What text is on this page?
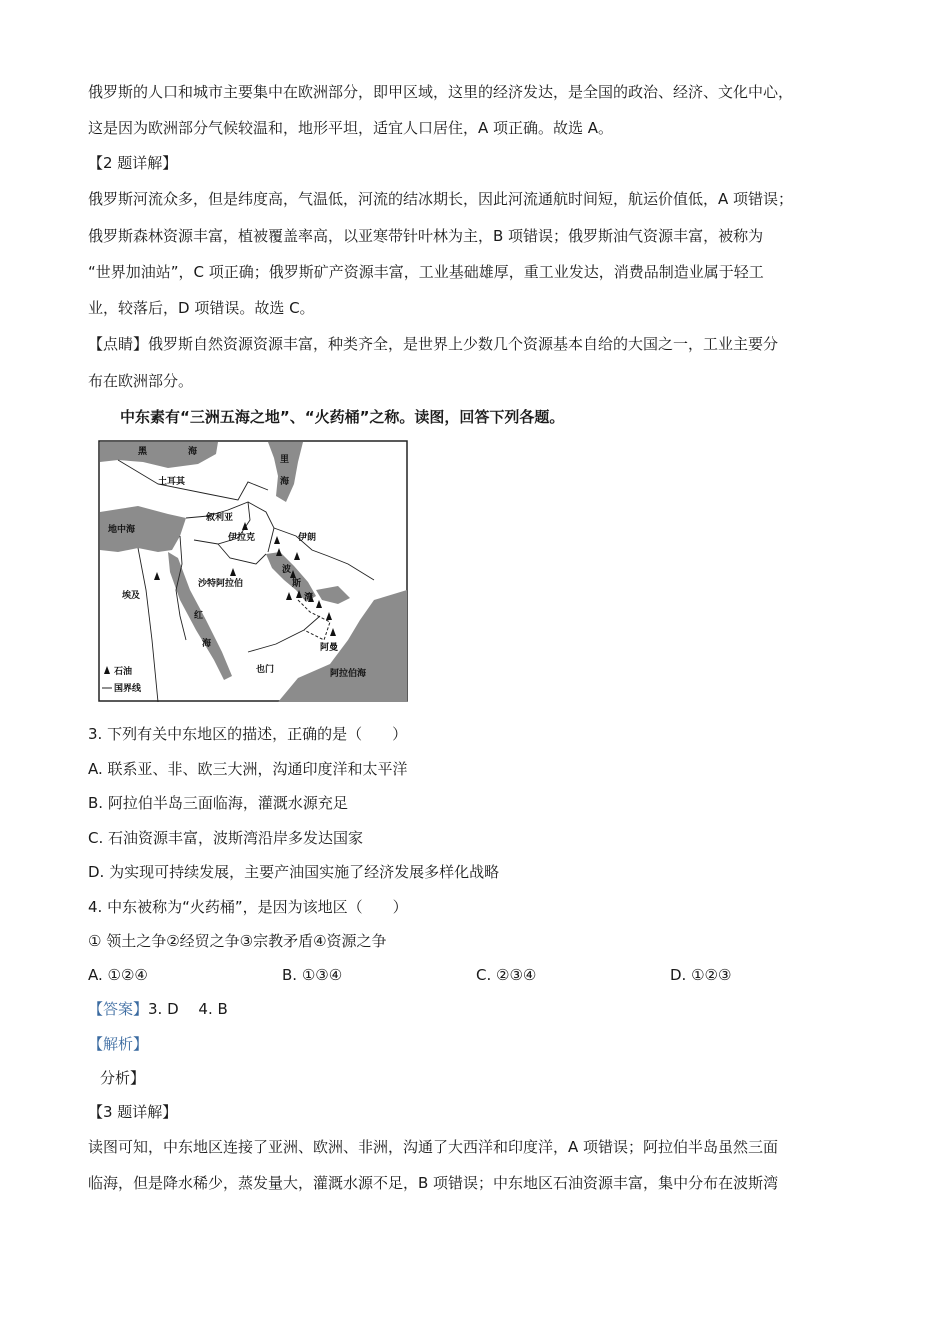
俄罗斯的人口和城市主要集中在欧洲部分，即甲区域，这里的经济发达，是全国的政治、经济、文化中心，
这是因为欧洲部分气候较温和，地形平坦，适宜人口居住，A 项正确。故选 A。
【2 题详解】
俄罗斯河流众多，但是纬度高，气温低，河流的结冰期长，因此河流通航时间短，航运价值低，A 项错误；
俄罗斯森林资源丰富，植被覆盖率高，以亚寒带针叶林为主，B 项错误；俄罗斯油气资源丰富，被称为
“世界加油站”，C 项正确；俄罗斯矿产资源丰富，工业基础雄厚，重工业发达，消费品制造业属于轻工
业，较落后，D 项错误。故选 C。
【点睛】俄罗斯自然资源资源丰富，种类齐全，是世界上少数几个资源基本自给的大国之一，工业主要分
布在欧洲部分。
中东素有“三洲五海之地”、“火药桶”之称。读图，回答下列各题。
黑	海
里
海
土耳其
叙利亚
地中海
伊拉克	伊朗
波
斯
湾
沙特阿拉伯
埃及
红
海	阿曼
也门	阿拉伯海
石油
国界线
3. 下列有关中东地区的描述，正确的是（　　）
A. 联系亚、非、欧三大洲，沟通印度洋和太平洋
B. 阿拉伯半岛三面临海，灌溉水源充足
C. 石油资源丰富，波斯湾沿岸多发达国家
D. 为实现可持续发展，主要产油国实施了经济发展多样化战略
4. 中东被称为“火药桶”，是因为该地区（　　）
① 领土之争②经贸之争③宗教矛盾④资源之争
A. ①②④	B. ①③④	C. ②③④	D. ①②③
【答案】3. D　 4. B
【解析】
分析】
【3 题详解】
读图可知，中东地区连接了亚洲、欧洲、非洲，沟通了大西洋和印度洋，A 项错误；阿拉伯半岛虽然三面
临海，但是降水稀少，蒸发量大，灌溉水源不足，B 项错误；中东地区石油资源丰富，集中分布在波斯湾
